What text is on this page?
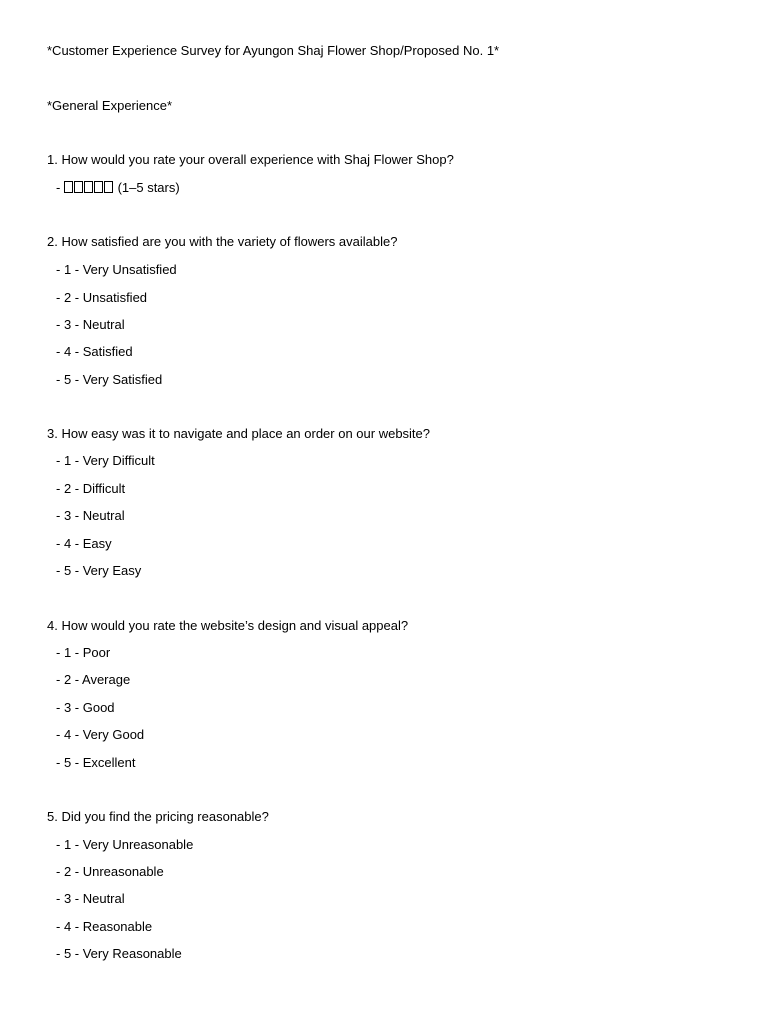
*Customer Experience Survey for Ayungon Shaj Flower Shop/Proposed No. 1*
*General Experience*
1. How would you rate your overall experience with Shaj Flower Shop?
-	(1–5 stars)
2. How satisfied are you with the variety of flowers available?
- 1 - Very Unsatisfied
- 2 - Unsatisfied
- 3 - Neutral
- 4 - Satisfied
- 5 - Very Satisfied
3. How easy was it to navigate and place an order on our website?
- 1 - Very Difficult
- 2 - Difficult
- 3 - Neutral
- 4 - Easy
- 5 - Very Easy
4. How would you rate the website’s design and visual appeal?
- 1 - Poor
- 2 - Average
- 3 - Good
- 4 - Very Good
- 5 - Excellent
5. Did you find the pricing reasonable?
- 1 - Very Unreasonable
- 2 - Unreasonable
- 3 - Neutral
- 4 - Reasonable
- 5 - Very Reasonable
